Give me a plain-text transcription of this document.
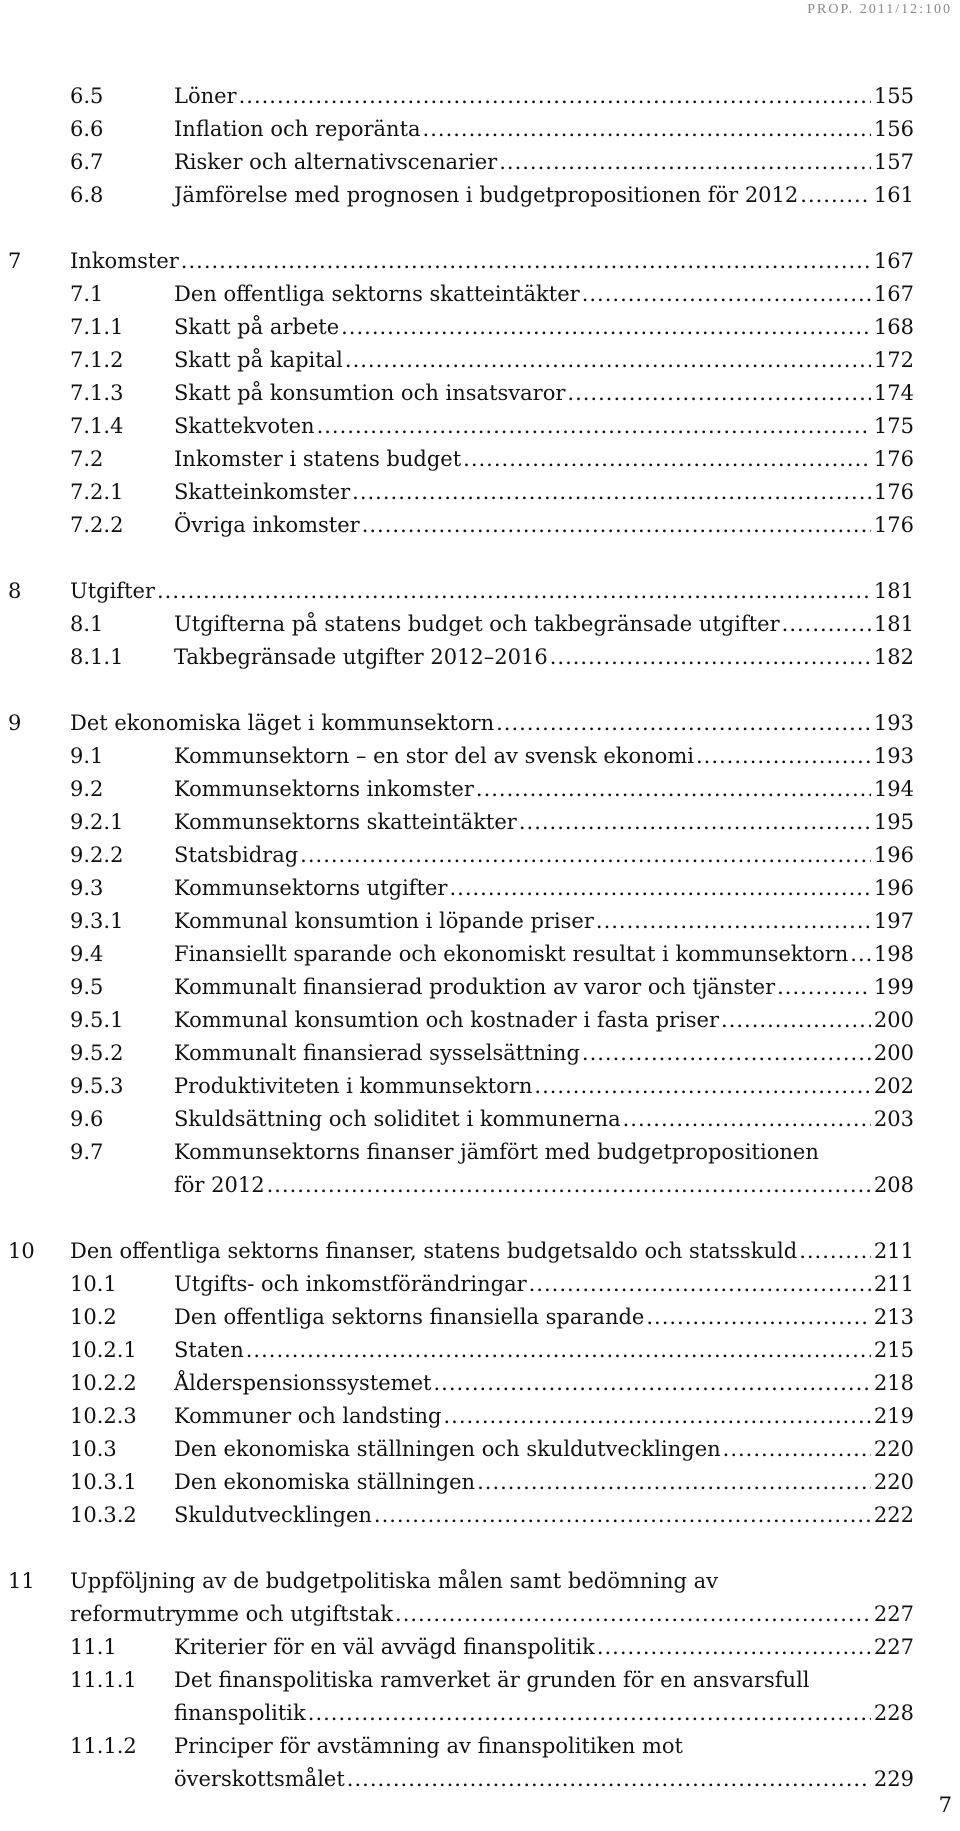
PROP. 2011/12:100
6.5	Löner .....	155
6.6	Inflation och reporänta .....	156
6.7	Risker och alternativscenarier .....	157
6.8	Jämförelse med prognosen i budgetpropositionen för 2012 .....	161
7 Inkomster .....	167
7.1	Den offentliga sektorns skatteintäkter .....	167
7.1.1 Skatt på arbete .....	168
7.1.2 Skatt på kapital .....	172
7.1.3 Skatt på konsumtion och insatsvaror .....	174
7.1.4 Skattekvoten .....	175
7.2	Inkomster i statens budget .....	176
7.2.1 Skatteinkomster .....	176
7.2.2 Övriga inkomster .....	176
8 Utgifter .....	181
8.1	Utgifterna på statens budget och takbegränsade utgifter .....	181
8.1.1 Takbegränsade utgifter 2012–2016 .....	182
9 Det ekonomiska läget i kommunsektorn .....	193
9.1	Kommunsektorn – en stor del av svensk ekonomi .....	193
9.2	Kommunsektorns inkomster .....	194
9.2.1 Kommunsektorns skatteintäkter .....	195
9.2.2 Statsbidrag .....	196
9.3	Kommunsektorns utgifter .....	196
9.3.1 Kommunal konsumtion i löpande priser .....	197
9.4	Finansiellt sparande och ekonomiskt resultat i kommunsektorn ..... 198
9.5	Kommunalt finansierad produktion av varor och tjänster .....	199
9.5.1 Kommunal konsumtion och kostnader i fasta priser .....	200
9.5.2 Kommunalt finansierad sysselsättning .....	200
9.5.3 Produktiviteten i kommunsektorn .....	202
9.6	Skuldsättning och soliditet i kommunerna .....	203
9.7	Kommunsektorns finanser jämfört med budgetpropositionen
för 2012 .....	208
10 Den offentliga sektorns finanser, statens budgetsaldo och statsskuld .....	211
10.1	Utgifts- och inkomstförändringar .....	211
10.2	Den offentliga sektorns finansiella sparande .....	213
10.2.1 Staten .....	215
10.2.2 Ålderspensionssystemet .....	218
10.2.3 Kommuner och landsting .....	219
10.3	Den ekonomiska ställningen och skuldutvecklingen .....	220
10.3.1 Den ekonomiska ställningen .....	220
10.3.2 Skuldutvecklingen .....	222
11 Uppföljning av de budgetpolitiska målen samt bedömning av
reformutrymme och utgiftstak .....	227
11.1	Kriterier för en väl avvägd finanspolitik .....	227
11.1.1 Det finanspolitiska ramverket är grunden för en ansvarsfull
finanspolitik .....	228
11.1.2 Principer för avstämning av finanspolitiken mot
överskottsmålet .....	229
7
